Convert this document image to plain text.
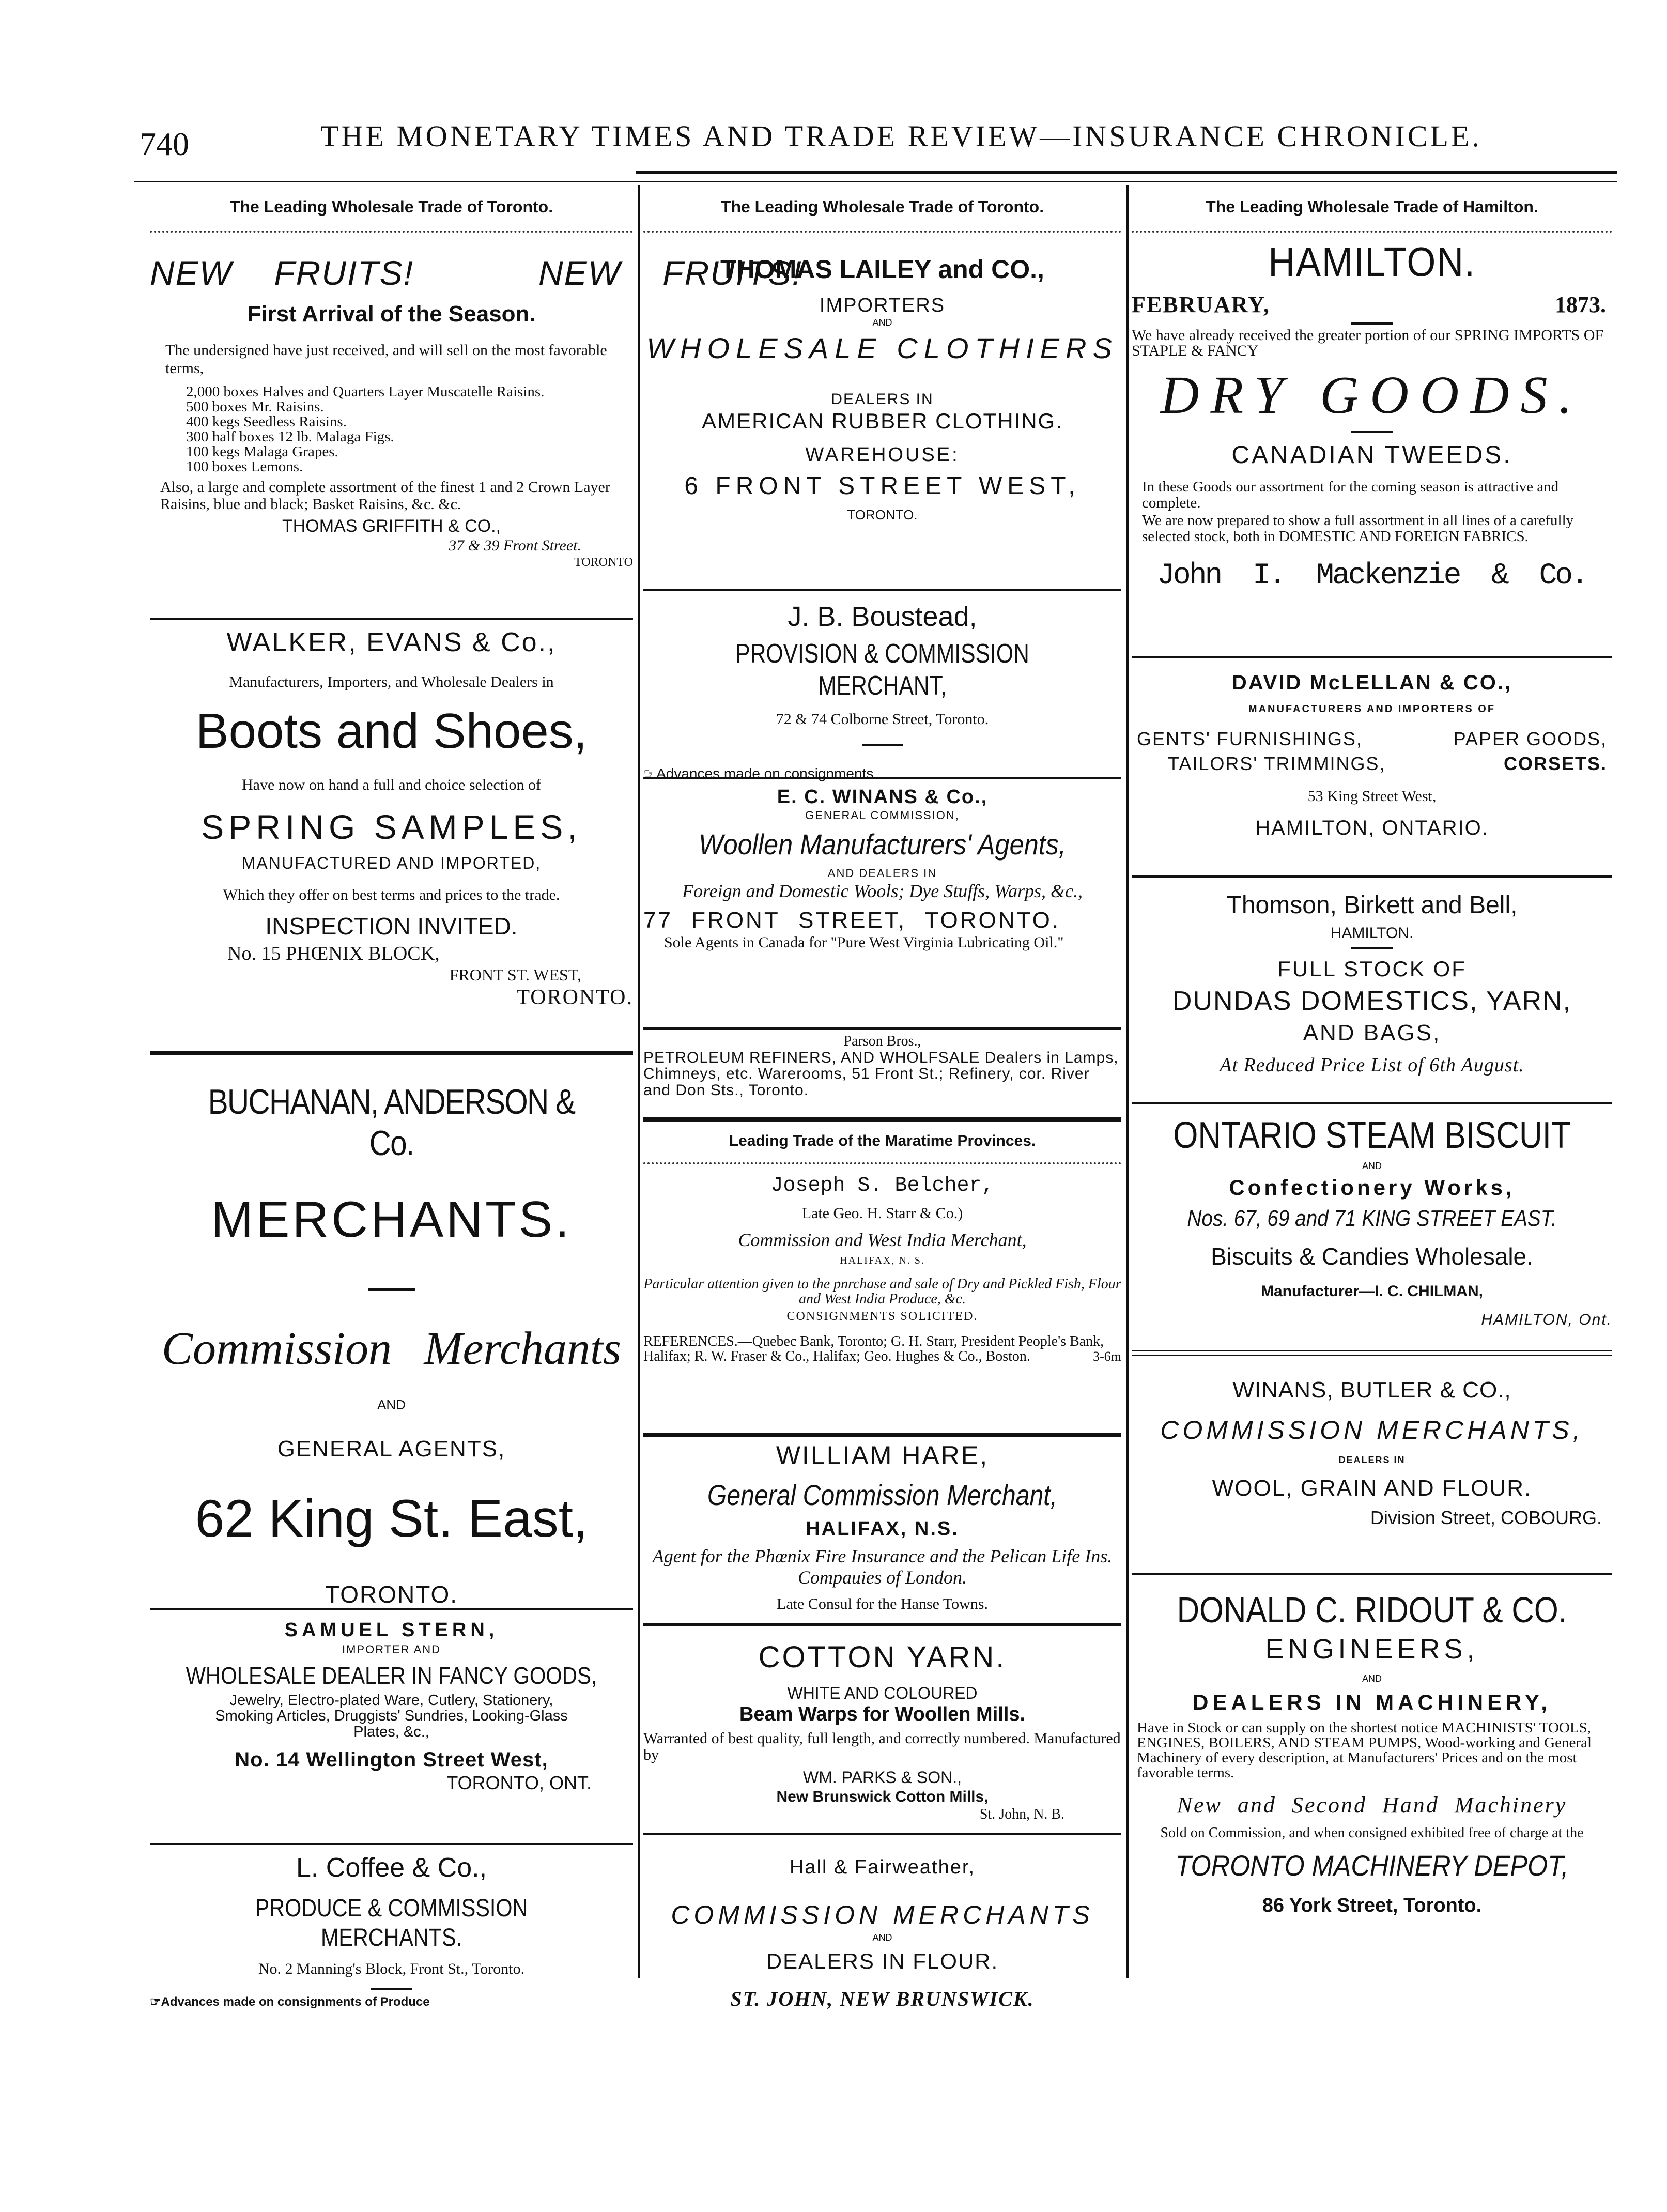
740	THE MONETARY TIMES AND TRADE REVIEW—INSURANCE CHRONICLE.
The Leading Wholesale Trade of Toronto.

NEW FRUITS!   NEW FRUITS!

First Arrival of the Season.

The undersigned have just received, and will sell on the most favorable terms,

2,000 boxes Halves and Quarters Layer Muscatelle Raisins.

500 boxes Mr. Raisins.

400 kegs Seedless Raisins.

300 half boxes 12 lb. Malaga Figs.

100 kegs Malaga Grapes.

100 boxes Lemons.

Also, a large and complete assortment of the finest 1 and 2 Crown Layer Raisins, blue and black; Basket Raisins, &c. &c.

THOMAS GRIFFITH & CO.,

37 & 39 Front Street.

TORONTO

WALKER, EVANS & Co.,

Manufacturers, Importers, and Wholesale Dealers in

Boots and Shoes,

Have now on hand a full and choice selection of

SPRING SAMPLES,

MANUFACTURED AND IMPORTED,

Which they offer on best terms and prices to the trade.

INSPECTION INVITED.

No. 15 PHŒNIX BLOCK,

FRONT ST. WEST,

TORONTO.

BUCHANAN, ANDERSON & Co.

MERCHANTS.

Commission Merchants

AND

GENERAL AGENTS,

62 King St. East,

TORONTO.

SAMUEL STERN,

IMPORTER AND

WHOLESALE DEALER IN FANCY GOODS,

Jewelry, Electro-plated Ware, Cutlery, Stationery, Smoking Articles, Druggists' Sundries, Looking-Glass Plates, &c.,

No. 14 Wellington Street West,

TORONTO, ONT.

L. Coffee & Co.,

PRODUCE & COMMISSION MERCHANTS.

No. 2 Manning's Block, Front St., Toronto.

☞Advances made on consignments of Produce

The Leading Wholesale Trade of Toronto.

THOMAS LAILEY and CO.,

IMPORTERS

AND

WHOLESALE CLOTHIERS

DEALERS IN

AMERICAN RUBBER CLOTHING.

WAREHOUSE:

6 FRONT STREET WEST,

TORONTO.

J. B. Boustead,

PROVISION & COMMISSION MERCHANT,

72 & 74 Colborne Street, Toronto.

☞Advances made on consignments.

E. C. WINANS & Co.,

GENERAL COMMISSION,

Woollen Manufacturers' Agents,

AND DEALERS IN

Foreign and Domestic Wools; Dye Stuffs, Warps, &c.,

77 FRONT STREET, TORONTO.

Sole Agents in Canada for "Pure West Virginia Lubricating Oil."

Parson Bros.,

PETROLEUM REFINERS, AND WHOLFSALE Dealers in Lamps, Chimneys, etc. Warerooms, 51 Front St.; Refinery, cor. River and Don Sts., Toronto.

Leading Trade of the Maratime Provinces.

Joseph S. Belcher,

Late Geo. H. Starr & Co.)

Commission and West India Merchant,

HALIFAX, N. S.

Particular attention given to the pnrchase and sale of Dry and Pickled Fish, Flour and West India Produce, &c.

CONSIGNMENTS SOLICITED.

REFERENCES.—Quebec Bank, Toronto; G. H. Starr, President People's Bank, Halifax; R. W. Fraser & Co., Halifax; Geo. Hughes & Co., Boston.	3-6m

WILLIAM HARE,

General Commission Merchant,

HALIFAX, N.S.

Agent for the Phœnix Fire Insurance and the Pelican Life Ins. Compauies of London.

Late Consul for the Hanse Towns.

COTTON YARN.

WHITE AND COLOURED

Beam Warps for Woollen Mills.

Warranted of best quality, full length, and correctly numbered. Manufactured by

WM. PARKS & SON.,

New Brunswick Cotton Mills,

St. John, N. B.

Hall & Fairweather,

COMMISSION MERCHANTS

AND

DEALERS IN FLOUR.

ST. JOHN, NEW BRUNSWICK.

The Leading Wholesale Trade of Hamilton.

HAMILTON.

FEBRUARY,	1873.

We have already received the greater portion of our SPRING IMPORTS OF STAPLE & FANCY

DRY GOODS.

CANADIAN TWEEDS.

In these Goods our assortment for the coming season is attractive and complete.

We are now prepared to show a full assortment in all lines of a carefully selected stock, both in DOMESTIC AND FOREIGN FABRICS.

John  I.  Mackenzie  &  Co.

DAVID McLELLAN & CO.,

MANUFACTURERS AND IMPORTERS OF

GENTS' FURNISHINGS,	PAPER GOODS,
TAILORS' TRIMMINGS,	CORSETS.

53 King Street West,

HAMILTON, ONTARIO.

Thomson, Birkett and Bell,

HAMILTON.

FULL STOCK OF

DUNDAS DOMESTICS, YARN,

AND BAGS,

At Reduced Price List of 6th August.

ONTARIO STEAM BISCUIT

AND

Confectionery Works,

Nos. 67, 69 and 71 KING STREET EAST.

Biscuits & Candies Wholesale.

Manufacturer—I. C. CHILMAN,

HAMILTON, Ont.

WINANS, BUTLER & CO.,

COMMISSION MERCHANTS,

DEALERS IN

WOOL, GRAIN AND FLOUR.

Division Street, COBOURG.

DONALD C. RIDOUT & CO.

ENGINEERS,

AND

DEALERS IN MACHINERY,

Have in Stock or can supply on the shortest notice MACHINISTS' TOOLS, ENGINES, BOILERS, AND STEAM PUMPS, Wood-working and General Machinery of every description, at Manufacturers' Prices and on the most favorable terms.

New and Second Hand Machinery

Sold on Commission, and when consigned exhibited free of charge at the

TORONTO MACHINERY DEPOT,

86 York Street, Toronto.
